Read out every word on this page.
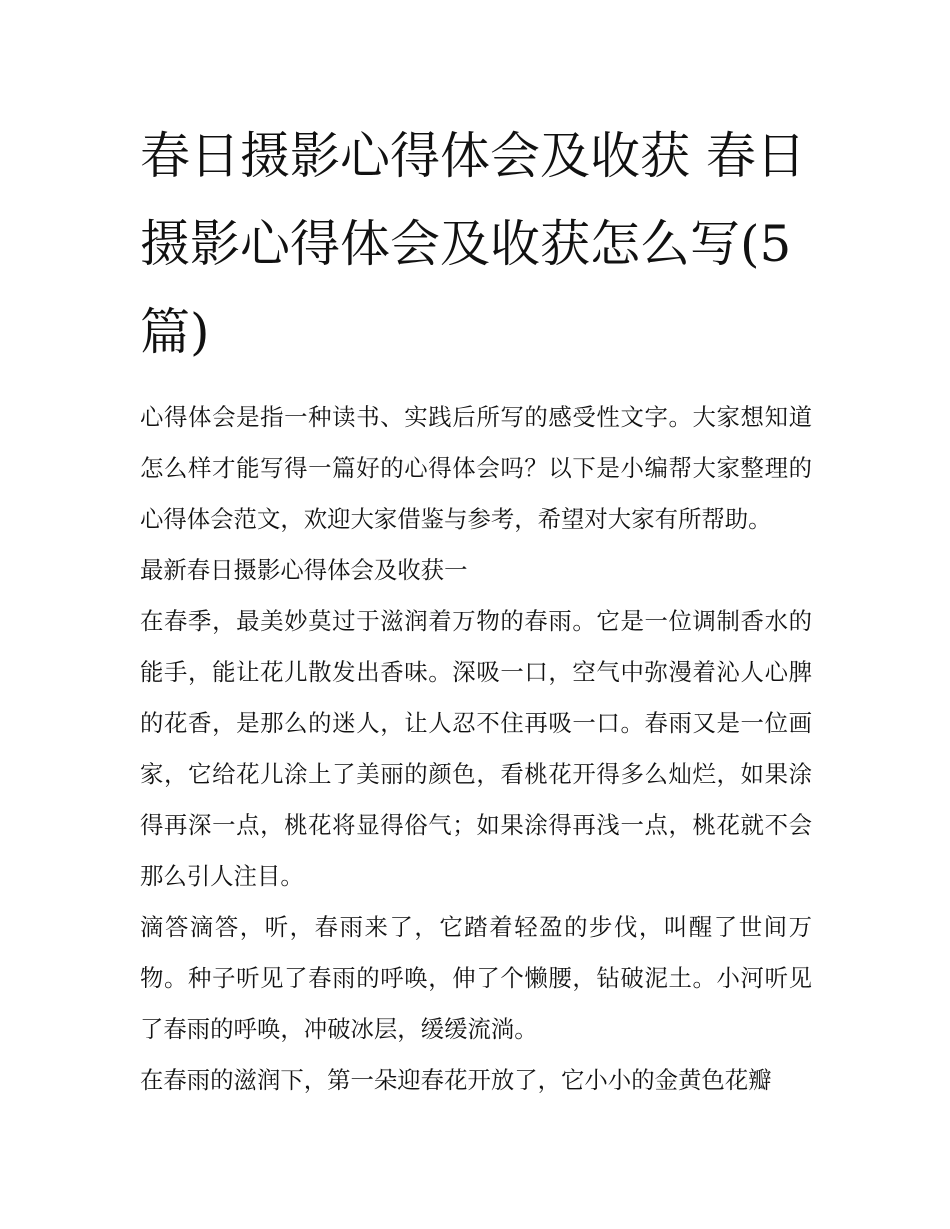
春日摄影心得体会及收获 春日摄影心得体会及收获怎么写(5篇)

心得体会是指一种读书、实践后所写的感受性文字。大家想知道怎么样才能写得一篇好的心得体会吗？以下是小编帮大家整理的心得体会范文，欢迎大家借鉴与参考，希望对大家有所帮助。

最新春日摄影心得体会及收获一

在春季，最美妙莫过于滋润着万物的春雨。它是一位调制香水的能手，能让花儿散发出香味。深吸一口，空气中弥漫着沁人心脾的花香，是那么的迷人，让人忍不住再吸一口。春雨又是一位画家，它给花儿涂上了美丽的颜色，看桃花开得多么灿烂，如果涂得再深一点，桃花将显得俗气；如果涂得再浅一点，桃花就不会那么引人注目。

滴答滴答，听，春雨来了，它踏着轻盈的步伐，叫醒了世间万物。种子听见了春雨的呼唤，伸了个懒腰，钻破泥土。小河听见了春雨的呼唤，冲破冰层，缓缓流淌。

在春雨的滋润下，第一朵迎春花开放了，它小小的金黄色花瓣
